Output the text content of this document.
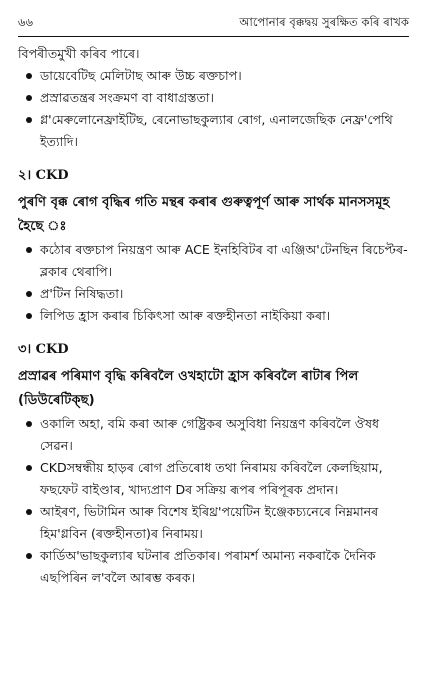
৬৬	আপোনাৰ বৃক্কদ্বয় সুৰক্ষিত কৰি ৰাখক

বিপৰীতমুখী কৰিব পাৰে।

ডায়েবেটিছ মেলিটাছ আৰু উচ্চ ৰক্তচাপ।
প্ৰস্ৰাৱতন্ত্ৰৰ সংক্ৰমণ বা বাধাগ্ৰস্ততা।
গ্ল'মেৰুলোনেফ্ৰাইটিছ, ৰেনোভাছকুল্যাৰ ৰোগ, এনালজেছিক নেফ্ৰ'পেথি ইত্যাদি।
২। CKD

পুৰণি বৃক্ক ৰোগ বৃদ্ধিৰ গতি মন্থৰ কৰাৰ গুৰুত্বপূৰ্ণ আৰু সাৰ্থক মানসসমূহ হৈছে ঃ

কঠোৰ ৰক্তচাপ নিয়ন্ত্ৰণ আৰু ACE ইনহিবিটৰ বা এঞ্জিঅ'টেনছিন ৰিচেপ্টৰ-ব্লকাৰ থেৰাপি।
প্ৰ'টিন নিষিদ্ধতা।
লিপিড হ্ৰাস কৰাৰ চিকিৎসা আৰু ৰক্তহীনতা নাইকিয়া কৰা।
৩। CKD

প্ৰস্ৰাৱৰ পৰিমাণ বৃদ্ধি কৰিবলৈ ওখহাটো হ্ৰাস কৰিবলৈ ৰাটাৰ পিল (ডিউৰেটিক্‌ছ)

ওকালি অহা, বমি কৰা আৰু গেষ্ট্ৰিকৰ অসুবিধা নিয়ন্ত্ৰণ কৰিবলৈ ঔষধ সেৱন।
CKDসম্বন্ধীয় হাড়ৰ ৰোগ প্ৰতিৰোধ তথা নিৰাময় কৰিবলৈ কেলছিয়াম, ফছফেট বাইণ্ডাৰ, খাদ্যপ্ৰাণ Dৰ সক্ৰিয় ৰূপৰ পৰিপূৰক প্ৰদান।
আইৰণ, ভিটামিন আৰু বিশেষ ইৰিথ্ৰ'পয়েটিন ইঞ্জেকচ্যনেৰে নিম্নমানৰ হিম'গ্লবিন (ৰক্তহীনতা)ৰ নিৰাময়।
কাৰ্ডিঅ'ভাছকুল্যাৰ ঘটনাৰ প্ৰতিকাৰ। পৰামৰ্শ অমান্য নকৰাকৈ দৈনিক এছপিৰিন ল'বলৈ আৰম্ভ কৰক।
